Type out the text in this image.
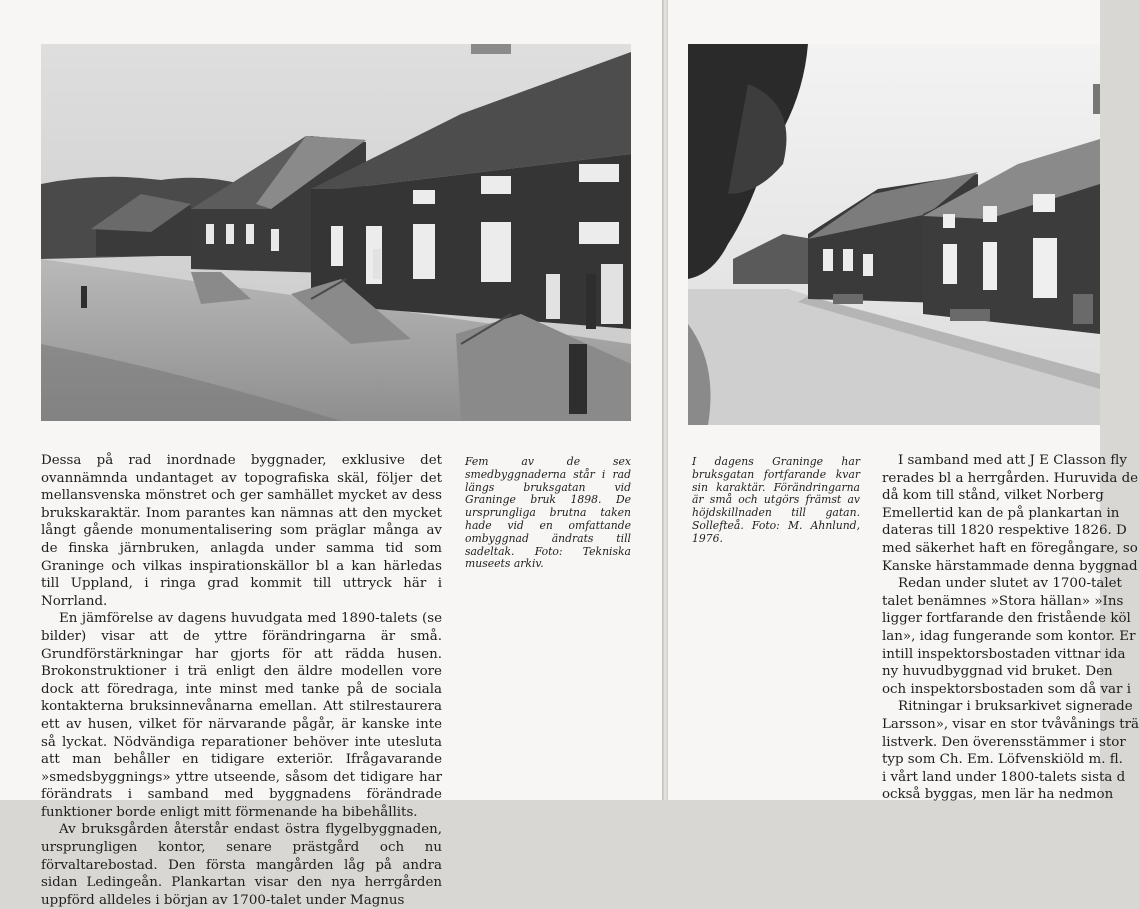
Dessa på rad inordnade byggnader, exklusive det ovannämnda undantaget av topografiska skäl, följer det mellansvenska mönstret och ger samhället mycket av dess brukskaraktär. Inom parantes kan nämnas att den mycket långt gående monumentalisering som präglar många av de finska järnbruken, anlagda under samma tid som Graninge och vilkas inspirationskällor bl a kan härledas till Uppland, i ringa grad kommit till uttryck här i Norrland.

En jämförelse av dagens huvudgata med 1890-talets (se bilder) visar att de yttre förändringarna är små. Grundförstärkningar har gjorts för att rädda husen. Brokonstruktioner i trä enligt den äldre modellen vore dock att föredraga, inte minst med tanke på de sociala kontakterna bruksinnevånarna emellan. Att stilrestaurera ett av husen, vilket för närvarande pågår, är kanske inte så lyckat. Nödvändiga reparationer behöver inte utesluta att man behåller en tidigare exteriör. Ifrågavarande »smedsbyggnings» yttre utseende, såsom det tidigare har förändrats i samband med byggnadens förändrade funktioner borde enligt mitt förmenande ha bibehållits.

Av bruksgården återstår endast östra flygelbyggnaden, ursprungligen kontor, senare prästgård och nu förvaltarebostad. Den första mangården låg på andra sidan Ledingeån. Plankartan visar den nya herrgården uppförd alldeles i början av 1700-talet under Magnus

Fem av de sex smedbyggnaderna står i rad längs bruksgatan vid Graninge bruk 1898. De ursprungliga brutna taken hade vid en omfattande ombyggnad ändrats till sadeltak. Foto: Tekniska museets arkiv.
I dagens Graninge har bruksgatan fortfarande kvar sin karaktär. Förändringarna är små och utgörs främst av höjdskillnaden till gatan. Sollefteå. Foto: M. Ahnlund, 1976.

I samband med att J E Classon fly

rerades bl a herrgården. Huruvida de

då kom till stånd, vilket Norberg

Emellertid kan de på plankartan in

dateras till 1820 respektive 1826. D

med säkerhet haft en föregångare, so

Kanske härstammade denna byggnad

Redan under slutet av 1700-talet

talet benämnes »Stora hällan» »Ins

ligger fortfarande den fristående köl

lan», idag fungerande som kontor. Er

intill inspektorsbostaden vittnar ida

ny huvudbyggnad vid bruket. Den

och inspektorsbostaden som då var i

Ritningar i bruksarkivet signerade

Larsson», visar en stor tvåvånings trä

listverk. Den överensstämmer i stor

typ som Ch. Em. Löfvenskiöld m. fl.

i vårt land under 1800-talets sista d

också byggas, men lär ha nedmon
